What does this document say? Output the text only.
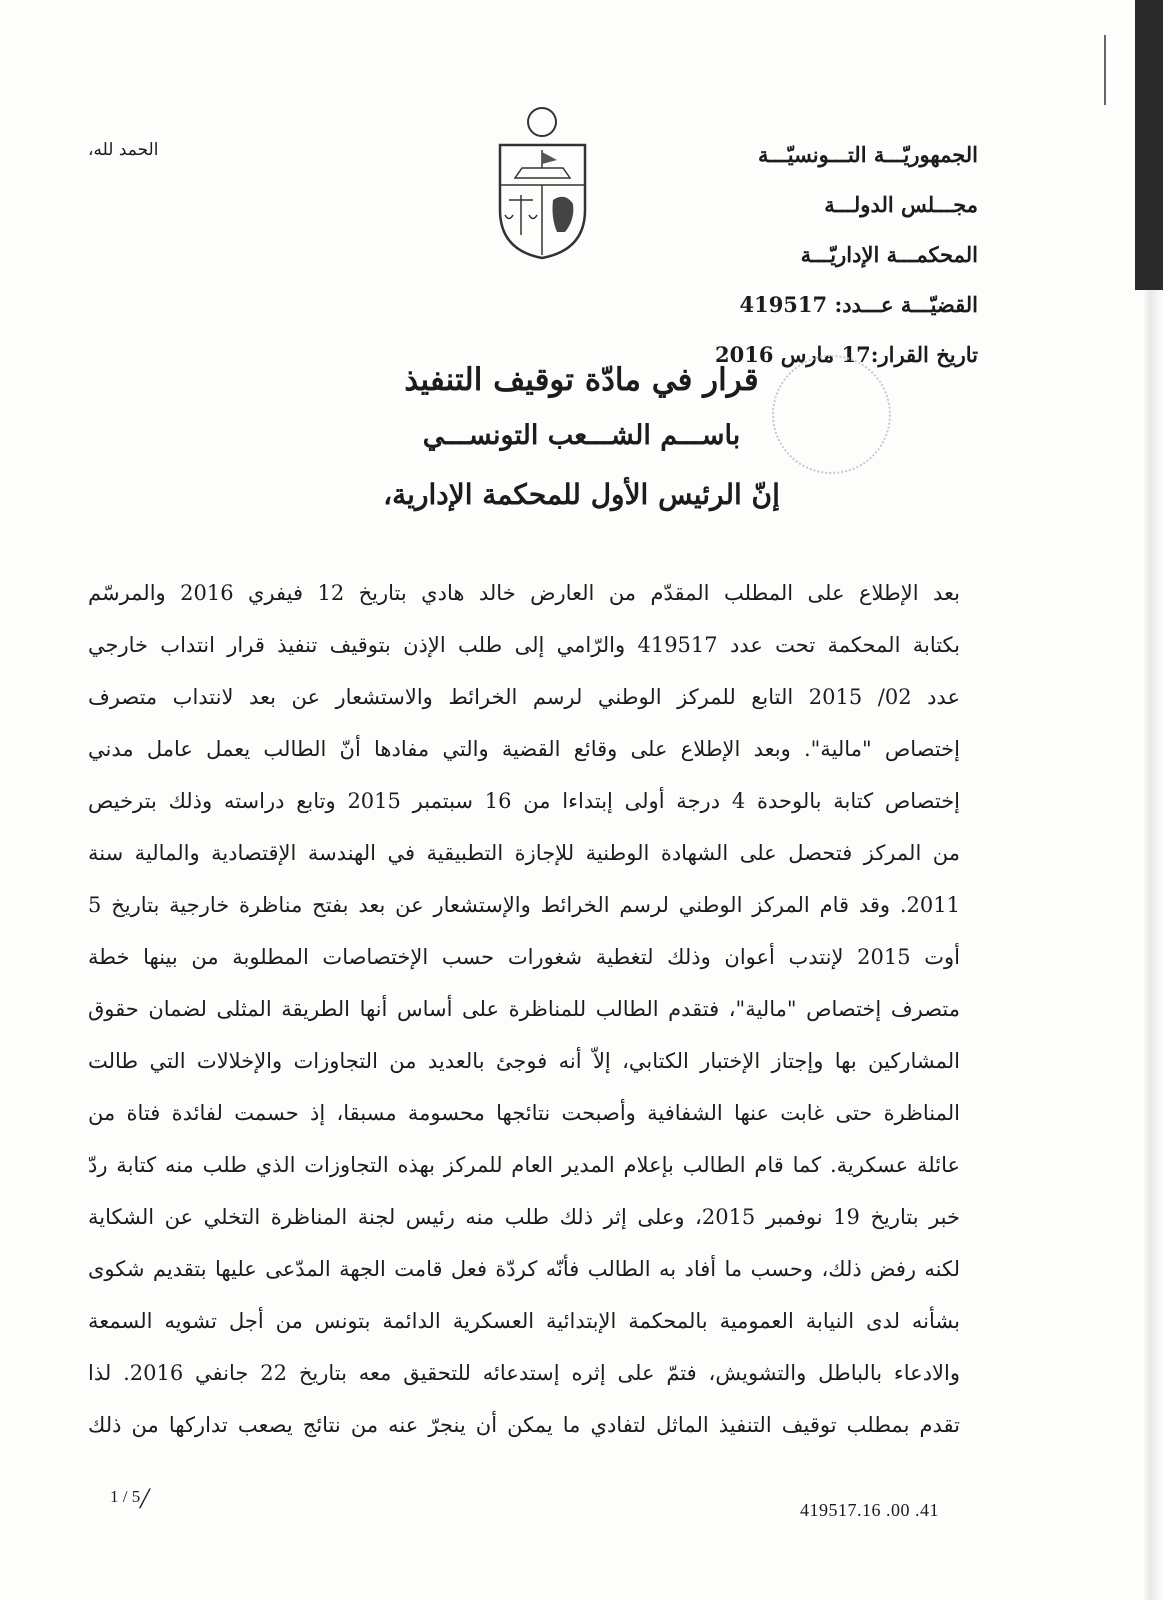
الحمد لله،	الجمهوريّـــة التـــونسيّـــة
مجـــلس الدولـــة
المحكمـــة الإداريّـــة
القضيّـــة عـــدد: 419517
تاريخ القرار:17 مارس 2016
قرار في مادّة توقيف التنفيذ
باســـم الشـــعب التونســـي
إنّ الرئيس الأول للمحكمة الإدارية،
بعد الإطلاع على المطلب المقدّم من العارض خالد هادي بتاريخ 12 فيفري 2016 والمرسّم
بكتابة المحكمة تحت عدد 419517 والرّامي إلى طلب الإذن بتوقيف تنفيذ قرار انتداب خارجي
عدد 02/ 2015 التابع للمركز الوطني لرسم الخرائط والاستشعار عن بعد لانتداب متصرف
إختصاص "مالية". وبعد الإطلاع على وقائع القضية والتي مفادها أنّ الطالب يعمل عامل مدني
إختصاص كتابة بالوحدة 4 درجة أولى إبتداءا من 16 سبتمبر 2015 وتابع دراسته وذلك بترخيص
من المركز فتحصل على الشهادة الوطنية للإجازة التطبيقية في الهندسة الإقتصادية والمالية سنة
2011. وقد قام المركز الوطني لرسم الخرائط والإستشعار عن بعد بفتح مناظرة خارجية بتاريخ 5
أوت 2015 لإنتدب أعوان وذلك لتغطية شغورات حسب الإختصاصات المطلوبة من بينها خطة
متصرف إختصاص "مالية"، فتقدم الطالب للمناظرة على أساس أنها الطريقة المثلى لضمان حقوق
المشاركين بها وإجتاز الإختبار الكتابي، إلاّ أنه فوجئ بالعديد من التجاوزات والإخلالات التي طالت
المناظرة حتى غابت عنها الشفافية وأصبحت نتائجها محسومة مسبقا، إذ حسمت لفائدة فتاة من
عائلة عسكرية. كما قام الطالب بإعلام المدير العام للمركز بهذه التجاوزات الذي طلب منه كتابة ردّ
خبر بتاريخ 19 نوفمبر 2015، وعلى إثر ذلك طلب منه رئيس لجنة المناظرة التخلي عن الشكاية
لكنه رفض ذلك، وحسب ما أفاد به الطالب فأنّه كردّة فعل قامت الجهة المدّعى عليها بتقديم شكوى
بشأنه لدى النيابة العمومية بالمحكمة الإبتدائية العسكرية الدائمة بتونس من أجل تشويه السمعة
والادعاء بالباطل والتشويش، فتمّ على إثره إستدعائه للتحقيق معه بتاريخ 22 جانفي 2016. لذا
تقدم بمطلب توقيف التنفيذ الماثل لتفادي ما يمكن أن ينجرّ عنه من نتائج يصعب تداركها من ذلك
1 / 5/	419517.16 .00 .41
